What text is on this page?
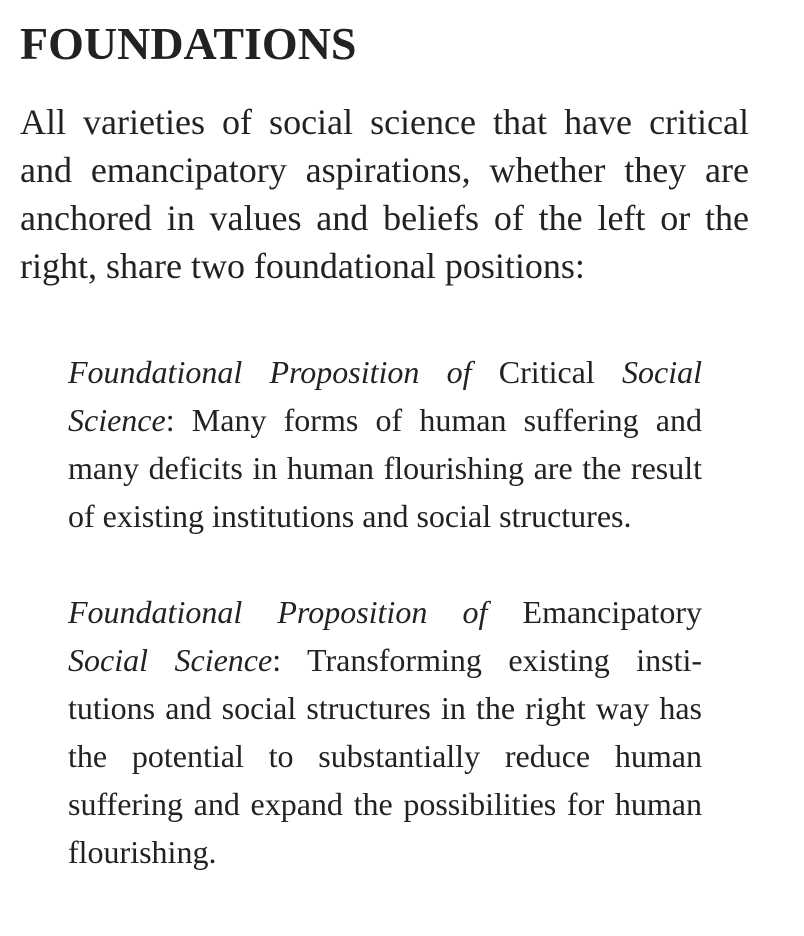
FOUNDATIONS

All varieties of social science that have critical and emancipatory aspirations, whether they are anchored in values and beliefs of the left or the right, share two foundational positions:

Foundational Proposition of Critical Social Science: Many forms of human suffering and many deficits in human flourishing are the result of existing institutions and social structures.

Foundational Proposition of Emancipatory Social Science: Transforming existing institutions and social structures in the right way has the potential to substantially reduce human suffering and expand the possibilities for human flourishing.
